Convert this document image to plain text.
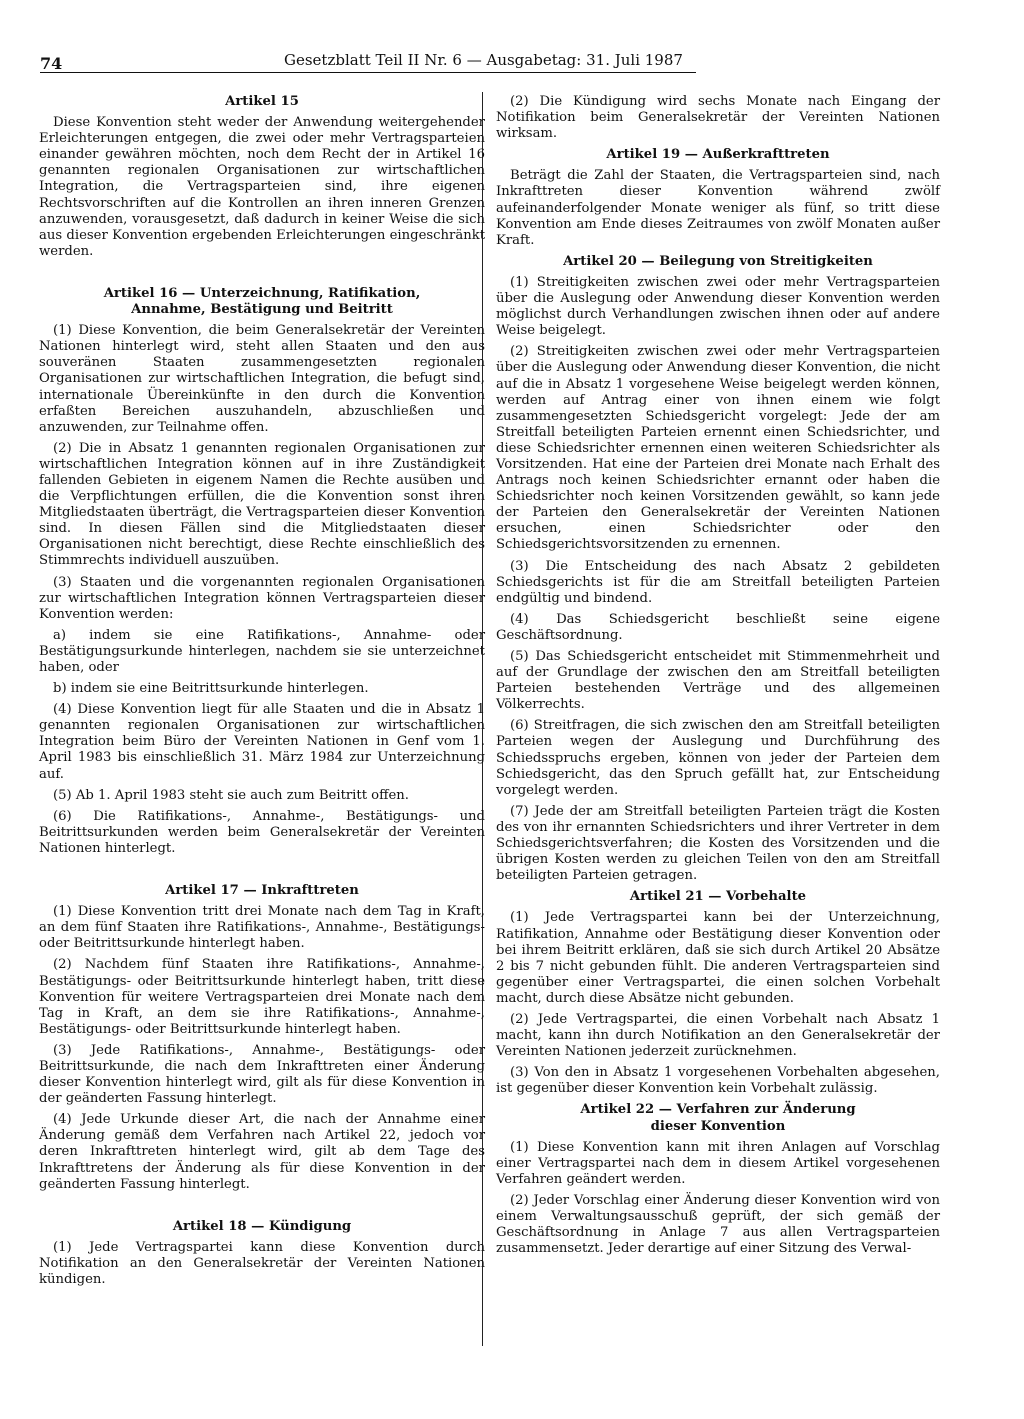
74	Gesetzblatt Teil II Nr. 6 — Ausgabetag: 31. Juli 1987
Artikel 15

Diese Konvention steht weder der Anwendung weitergehender Erleichterungen entgegen, die zwei oder mehr Vertragsparteien einander gewähren möchten, noch dem Recht der in Artikel 16 genannten regionalen Organisationen zur wirtschaftlichen Integration, die Vertragsparteien sind, ihre eigenen Rechtsvorschriften auf die Kontrollen an ihren inneren Grenzen anzuwenden, vorausgesetzt, daß dadurch in keiner Weise die sich aus dieser Konvention ergebenden Erleichterungen eingeschränkt werden.

Artikel 16 — Unterzeichnung, Ratifikation,
Annahme, Bestätigung und Beitritt

(1) Diese Konvention, die beim Generalsekretär der Vereinten Nationen hinterlegt wird, steht allen Staaten und den aus souveränen Staaten zusammengesetzten regionalen Organisationen zur wirtschaftlichen Integration, die befugt sind, internationale Übereinkünfte in den durch die Konvention erfaßten Bereichen auszuhandeln, abzuschließen und anzuwenden, zur Teilnahme offen.

(2) Die in Absatz 1 genannten regionalen Organisationen zur wirtschaftlichen Integration können auf in ihre Zuständigkeit fallenden Gebieten in eigenem Namen die Rechte ausüben und die Verpflichtungen erfüllen, die die Konvention sonst ihren Mitgliedstaaten überträgt, die Vertragsparteien dieser Konvention sind. In diesen Fällen sind die Mitgliedstaaten dieser Organisationen nicht berechtigt, diese Rechte einschließlich des Stimmrechts individuell auszuüben.

(3) Staaten und die vorgenannten regionalen Organisationen zur wirtschaftlichen Integration können Vertragsparteien dieser Konvention werden:

a) indem sie eine Ratifikations-, Annahme- oder Bestätigungsurkunde hinterlegen, nachdem sie sie unterzeichnet haben, oder

b) indem sie eine Beitrittsurkunde hinterlegen.

(4) Diese Konvention liegt für alle Staaten und die in Absatz 1 genannten regionalen Organisationen zur wirtschaftlichen Integration beim Büro der Vereinten Nationen in Genf vom 1. April 1983 bis einschließlich 31. März 1984 zur Unterzeichnung auf.

(5) Ab 1. April 1983 steht sie auch zum Beitritt offen.

(6) Die Ratifikations-, Annahme-, Bestätigungs- und Beitrittsurkunden werden beim Generalsekretär der Vereinten Nationen hinterlegt.

Artikel 17 — Inkrafttreten

(1) Diese Konvention tritt drei Monate nach dem Tag in Kraft, an dem fünf Staaten ihre Ratifikations-, Annahme-, Bestätigungs- oder Beitrittsurkunde hinterlegt haben.

(2) Nachdem fünf Staaten ihre Ratifikations-, Annahme-, Bestätigungs- oder Beitrittsurkunde hinterlegt haben, tritt diese Konvention für weitere Vertragsparteien drei Monate nach dem Tag in Kraft, an dem sie ihre Ratifikations-, Annahme-, Bestätigungs- oder Beitrittsurkunde hinterlegt haben.

(3) Jede Ratifikations-, Annahme-, Bestätigungs- oder Beitrittsurkunde, die nach dem Inkrafttreten einer Änderung dieser Konvention hinterlegt wird, gilt als für diese Konvention in der geänderten Fassung hinterlegt.

(4) Jede Urkunde dieser Art, die nach der Annahme einer Änderung gemäß dem Verfahren nach Artikel 22, jedoch vor deren Inkrafttreten hinterlegt wird, gilt ab dem Tage des Inkrafttretens der Änderung als für diese Konvention in der geänderten Fassung hinterlegt.

Artikel 18 — Kündigung

(1) Jede Vertragspartei kann diese Konvention durch Notifikation an den Generalsekretär der Vereinten Nationen kündigen.

(2) Die Kündigung wird sechs Monate nach Eingang der Notifikation beim Generalsekretär der Vereinten Nationen wirksam.

Artikel 19 — Außerkrafttreten

Beträgt die Zahl der Staaten, die Vertragsparteien sind, nach Inkrafttreten dieser Konvention während zwölf aufeinanderfolgender Monate weniger als fünf, so tritt diese Konvention am Ende dieses Zeitraumes von zwölf Monaten außer Kraft.

Artikel 20 — Beilegung von Streitigkeiten

(1) Streitigkeiten zwischen zwei oder mehr Vertragsparteien über die Auslegung oder Anwendung dieser Konvention werden möglichst durch Verhandlungen zwischen ihnen oder auf andere Weise beigelegt.

(2) Streitigkeiten zwischen zwei oder mehr Vertragsparteien über die Auslegung oder Anwendung dieser Konvention, die nicht auf die in Absatz 1 vorgesehene Weise beigelegt werden können, werden auf Antrag einer von ihnen einem wie folgt zusammengesetzten Schiedsgericht vorgelegt: Jede der am Streitfall beteiligten Parteien ernennt einen Schiedsrichter, und diese Schiedsrichter ernennen einen weiteren Schiedsrichter als Vorsitzenden. Hat eine der Parteien drei Monate nach Erhalt des Antrags noch keinen Schiedsrichter ernannt oder haben die Schiedsrichter noch keinen Vorsitzenden gewählt, so kann jede der Parteien den Generalsekretär der Vereinten Nationen ersuchen, einen Schiedsrichter oder den Schiedsgerichtsvorsitzenden zu ernennen.

(3) Die Entscheidung des nach Absatz 2 gebildeten Schiedsgerichts ist für die am Streitfall beteiligten Parteien endgültig und bindend.

(4) Das Schiedsgericht beschließt seine eigene Geschäftsordnung.

(5) Das Schiedsgericht entscheidet mit Stimmenmehrheit und auf der Grundlage der zwischen den am Streitfall beteiligten Parteien bestehenden Verträge und des allgemeinen Völkerrechts.

(6) Streitfragen, die sich zwischen den am Streitfall beteiligten Parteien wegen der Auslegung und Durchführung des Schiedsspruchs ergeben, können von jeder der Parteien dem Schiedsgericht, das den Spruch gefällt hat, zur Entscheidung vorgelegt werden.

(7) Jede der am Streitfall beteiligten Parteien trägt die Kosten des von ihr ernannten Schiedsrichters und ihrer Vertreter in dem Schiedsgerichtsverfahren; die Kosten des Vorsitzenden und die übrigen Kosten werden zu gleichen Teilen von den am Streitfall beteiligten Parteien getragen.

Artikel 21 — Vorbehalte

(1) Jede Vertragspartei kann bei der Unterzeichnung, Ratifikation, Annahme oder Bestätigung dieser Konvention oder bei ihrem Beitritt erklären, daß sie sich durch Artikel 20 Absätze 2 bis 7 nicht gebunden fühlt. Die anderen Vertragsparteien sind gegenüber einer Vertragspartei, die einen solchen Vorbehalt macht, durch diese Absätze nicht gebunden.

(2) Jede Vertragspartei, die einen Vorbehalt nach Absatz 1 macht, kann ihn durch Notifikation an den Generalsekretär der Vereinten Nationen jederzeit zurücknehmen.

(3) Von den in Absatz 1 vorgesehenen Vorbehalten abgesehen, ist gegenüber dieser Konvention kein Vorbehalt zulässig.

Artikel 22 — Verfahren zur Änderung
dieser Konvention

(1) Diese Konvention kann mit ihren Anlagen auf Vorschlag einer Vertragspartei nach dem in diesem Artikel vorgesehenen Verfahren geändert werden.

(2) Jeder Vorschlag einer Änderung dieser Konvention wird von einem Verwaltungsausschuß geprüft, der sich gemäß der Geschäftsordnung in Anlage 7 aus allen Vertragsparteien zusammensetzt. Jeder derartige auf einer Sitzung des Verwal-
